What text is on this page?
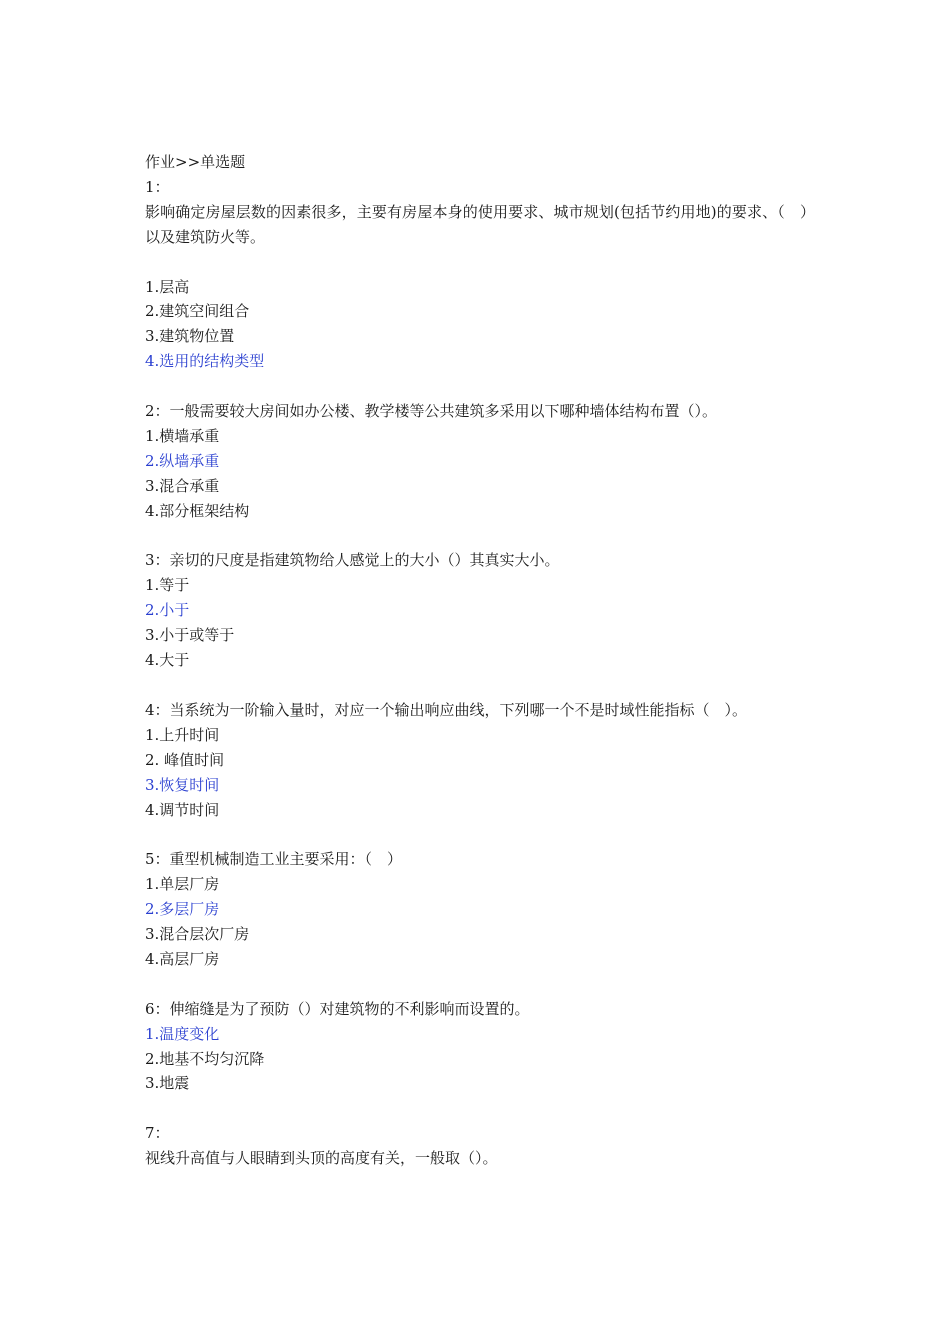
作业>>单选题
1：
影响确定房屋层数的因素很多，主要有房屋本身的使用要求、城市规划(包括节约用地)的要求、（　）以及建筑防火等。
1.层高
2.建筑空间组合
3.建筑物位置
4.选用的结构类型
2：一般需要较大房间如办公楼、教学楼等公共建筑多采用以下哪种墙体结构布置（）。
1.横墙承重
2.纵墙承重
3.混合承重
4.部分框架结构
3：亲切的尺度是指建筑物给人感觉上的大小（）其真实大小。
1.等于
2.小于
3.小于或等于
4.大于
4：当系统为一阶输入量时，对应一个输出响应曲线，下列哪一个不是时域性能指标（　）。
1.上升时间
2. 峰值时间
3.恢复时间
4.调节时间
5：重型机械制造工业主要采用：（　）
1.单层厂房
2.多层厂房
3.混合层次厂房
4.高层厂房
6：伸缩缝是为了预防（）对建筑物的不利影响而设置的。
1.温度变化
2.地基不均匀沉降
3.地震
7：
视线升高值与人眼睛到头顶的高度有关，一般取（）。
